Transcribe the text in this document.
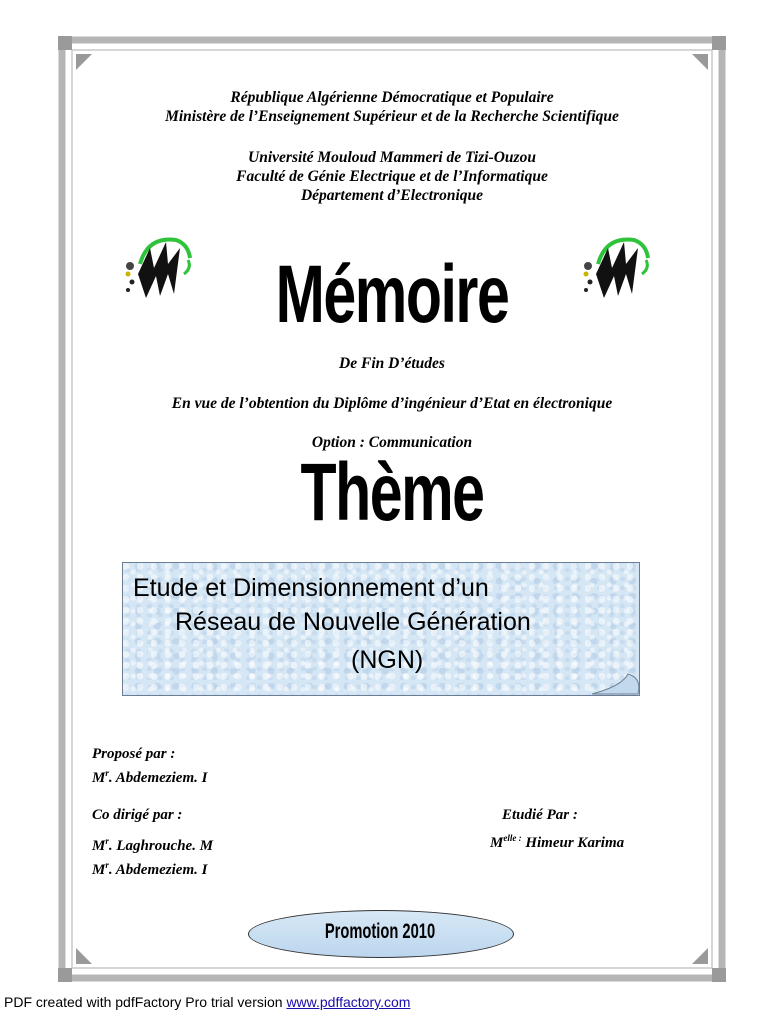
République Algérienne Démocratique et Populaire
Ministère de l’Enseignement Supérieur et de la Recherche Scientifique
Université Mouloud Mammeri de Tizi-Ouzou
Faculté de Génie Electrique et de l’Informatique
Département d’Electronique
Mémoire
De Fin D’études
En vue de l’obtention du Diplôme d’ingénieur d’Etat en électronique
Option : Communication
Thème
Etude et Dimensionnement d’un
Réseau de Nouvelle Génération
(NGN)
Proposé par :
$M^r$. Abdemeziem. I
Co dirigé par :
$M^r$. Laghrouche. M
$M^r$. Abdemeziem. I
Etudié Par :
$M^{elle :}$ Himeur Karima
Promotion 2010
PDF created with pdfFactory Pro trial version www.pdffactory.com
